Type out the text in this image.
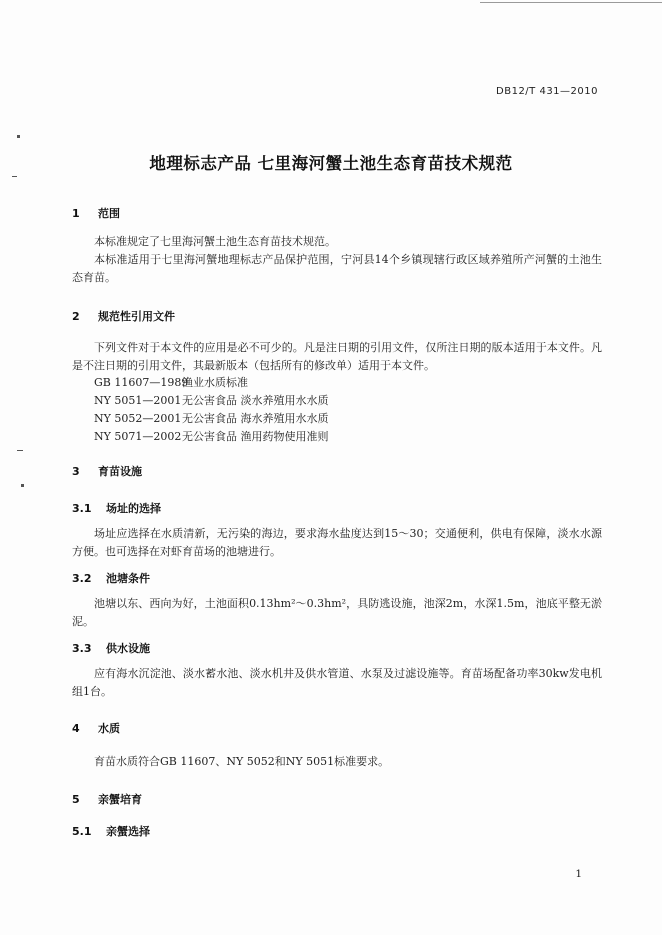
DB12/T 431—2010
地理标志产品 七里海河蟹土池生态育苗技术规范
1 范围
本标准规定了七里海河蟹土池生态育苗技术规范。
本标准适用于七里海河蟹地理标志产品保护范围，宁河县14个乡镇现辖行政区域养殖所产河蟹的土池生态育苗。
2 规范性引用文件
下列文件对于本文件的应用是必不可少的。凡是注日期的引用文件，仅所注日期的版本适用于本文件。凡是不注日期的引用文件，其最新版本（包括所有的修改单）适用于本文件。
GB 11607—1989渔业水质标准
NY 5051—2001无公害食品 淡水养殖用水水质
NY 5052—2001无公害食品 海水养殖用水水质
NY 5071—2002无公害食品 渔用药物使用准则
3 育苗设施
3.1 场址的选择
场址应选择在水质清新，无污染的海边，要求海水盐度达到15～30；交通便利，供电有保障，淡水水源方便。也可选择在对虾育苗场的池塘进行。
3.2 池塘条件
池塘以东、西向为好，土池面积0.13hm²～0.3hm²，具防逃设施，池深2m，水深1.5m，池底平整无淤泥。
3.3 供水设施
应有海水沉淀池、淡水蓄水池、淡水机井及供水管道、水泵及过滤设施等。育苗场配备功率30kw发电机组1台。
4 水质
育苗水质符合GB 11607、NY 5052和NY 5051标准要求。
5 亲蟹培育
5.1 亲蟹选择
1
